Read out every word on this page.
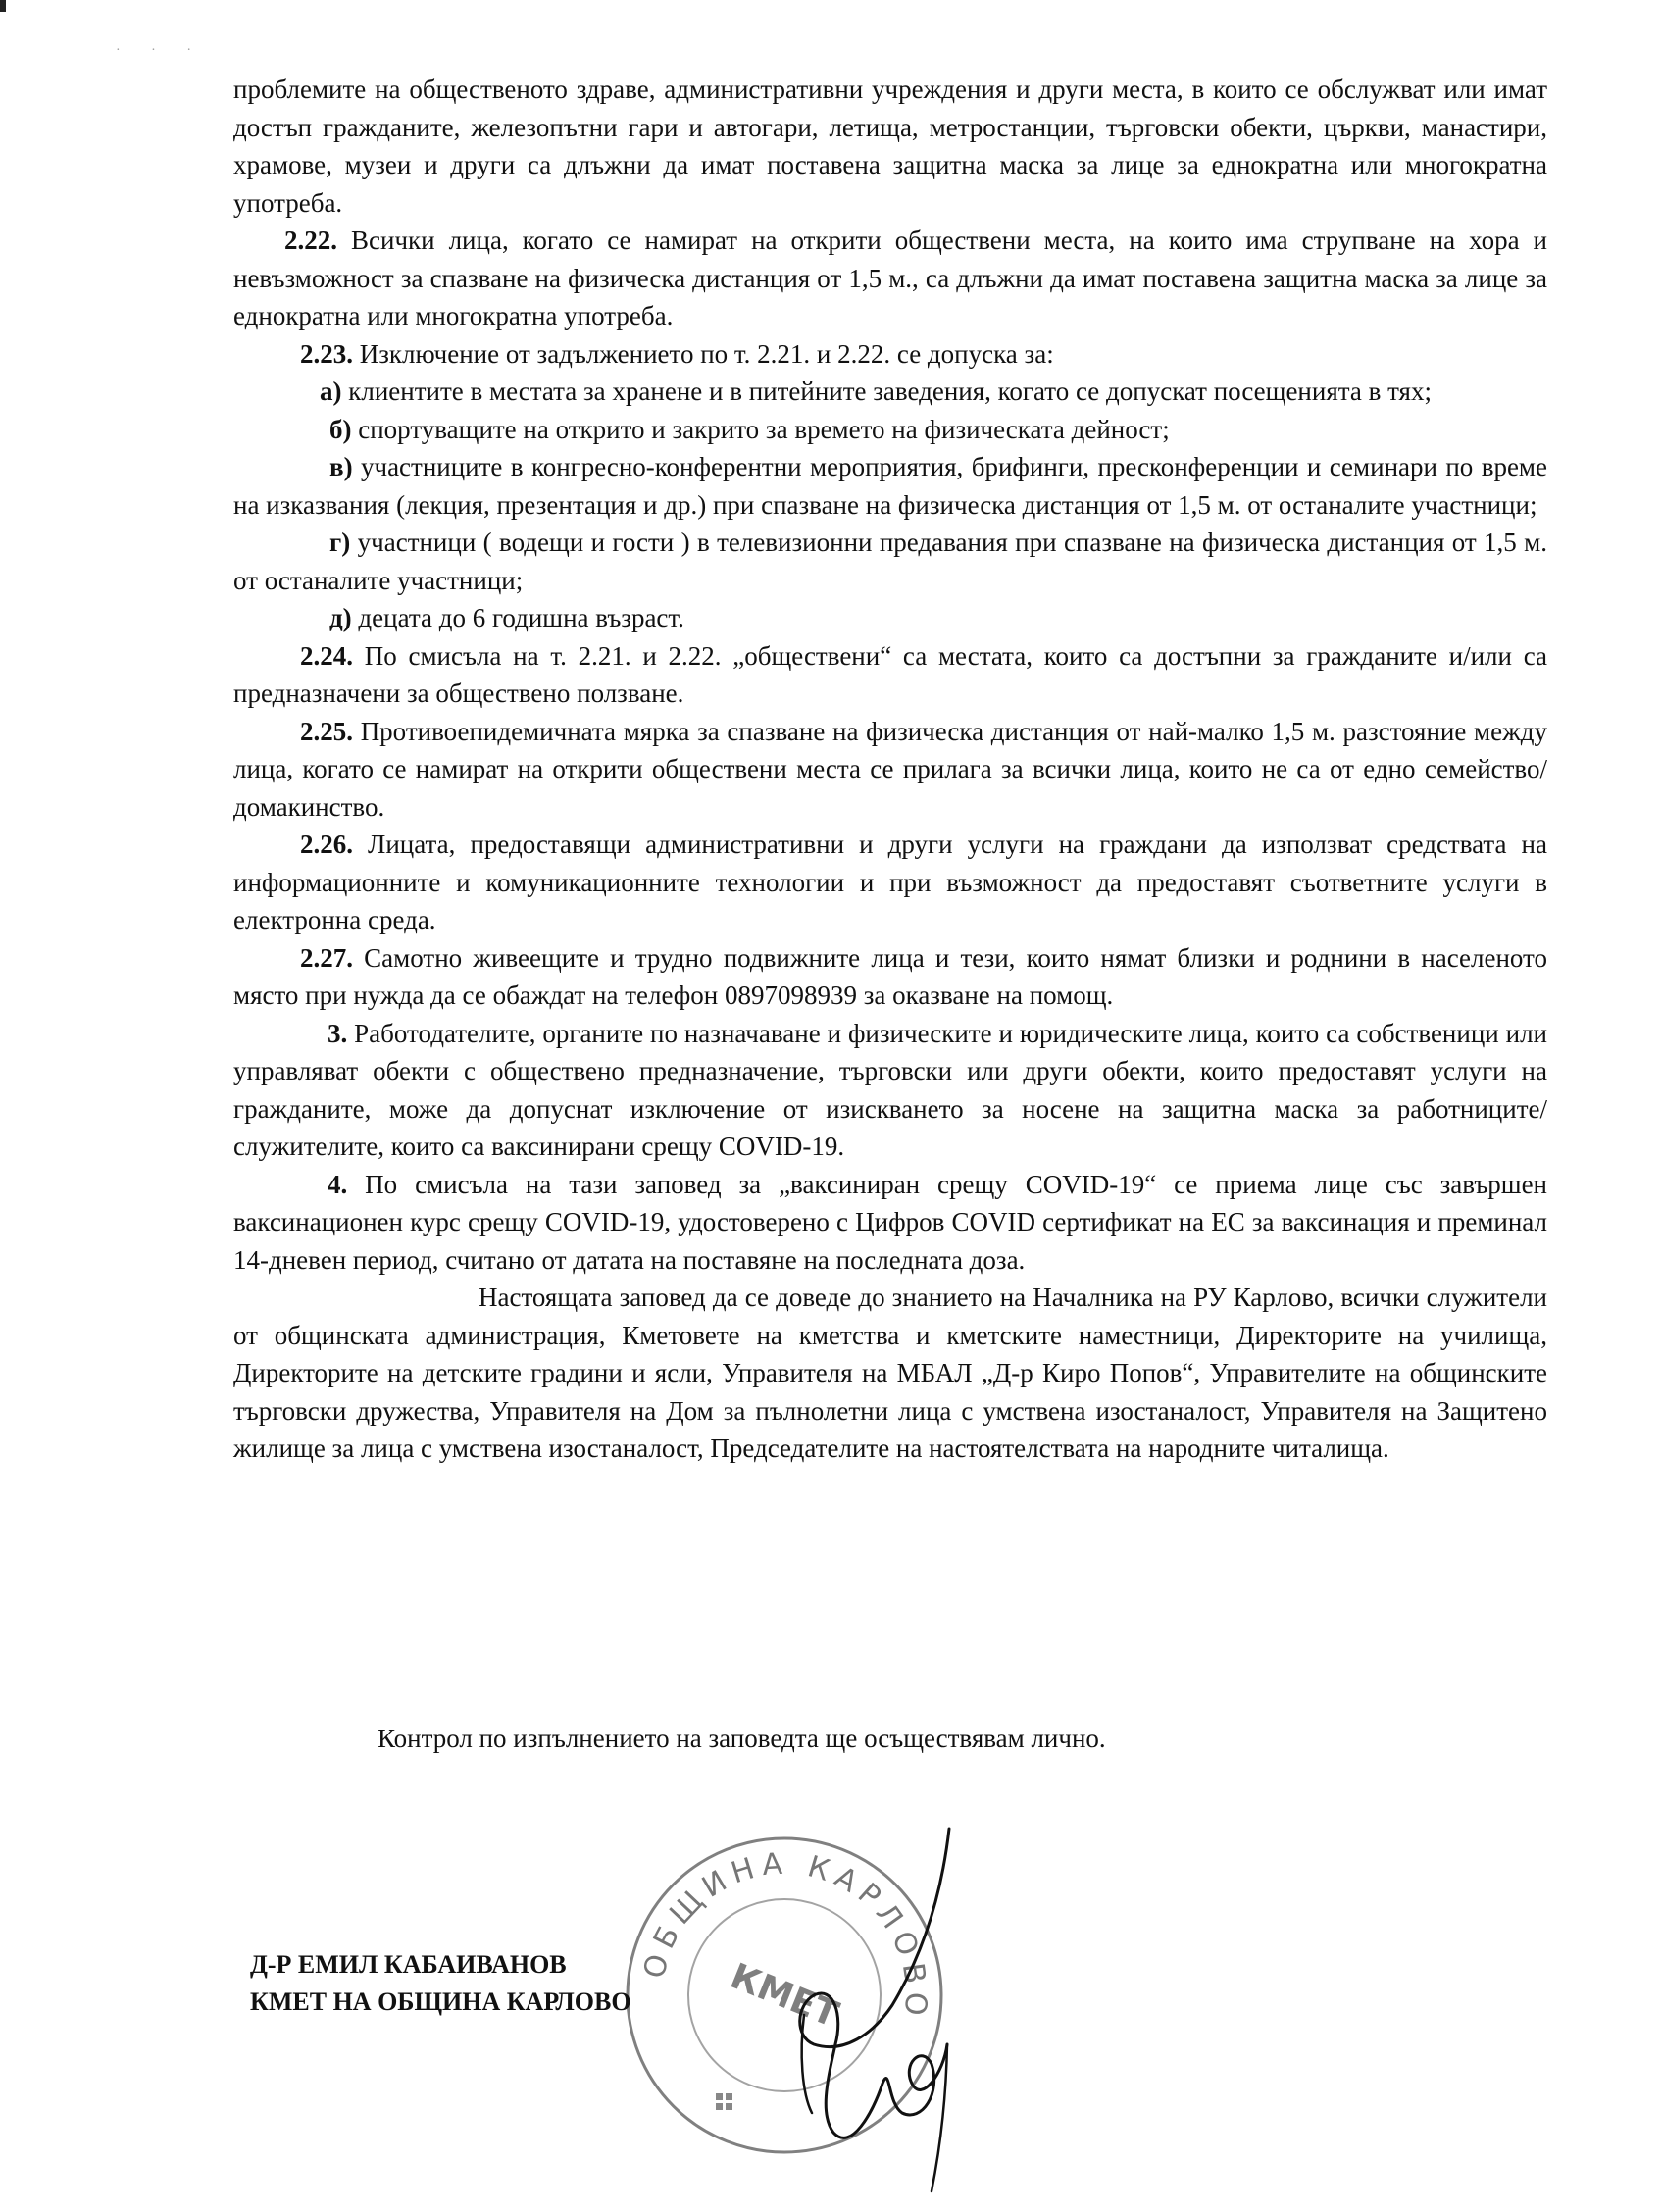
· · ·

проблемите на общественото здраве, административни учреждения и други места, в които се обслужват или имат достъп гражданите, железопътни гари и автогари, летища, метростанции, търговски обекти, църкви, манастири, храмове, музеи и други са длъжни да имат поставена защитна маска за лице за еднократна или многократна употреба.

2.22. Всички лица, когато се намират на открити обществени места, на които има струпване на хора и невъзможност за спазване на физическа дистанция от 1,5 м., са длъжни да имат поставена защитна маска за лице за еднократна или многократна употреба.

2.23. Изключение от задължението по т. 2.21. и 2.22. се допуска за:

а) клиентите в местата за хранене и в питейните заведения, когато се допускат посещенията в тях;

б) спортуващите на открито и закрито за времето на физическата дейност;

в) участниците в конгресно-конферентни мероприятия, брифинги, пресконференции и семинари по време на изказвания (лекция, презентация и др.) при спазване на физическа дистанция от 1,5 м. от останалите участници;

г) участници ( водещи и гости ) в телевизионни предавания при спазване на физическа дистанция от 1,5 м. от останалите участници;

д) децата до 6 годишна възраст.

2.24. По смисъла на т. 2.21. и 2.22. „обществени“ са местата, които са достъпни за гражданите и/или са предназначени за обществено ползване.

2.25. Противоепидемичната мярка за спазване на физическа дистанция от най-малко 1,5 м. разстояние между лица, когато се намират на открити обществени места се прилага за всички лица, които не са от едно семейство/домакинство.

2.26. Лицата, предоставящи административни и други услуги на граждани да използват средствата на информационните и комуникационните технологии и при възможност да предоставят съответните услуги в електронна среда.

2.27. Самотно живеещите и трудно подвижните лица и тези, които нямат близки и роднини в населеното място при нужда да се обаждат на телефон 0897098939 за оказване на помощ.

3. Работодателите, органите по назначаване и физическите и юридическите лица, които са собственици или управляват обекти с обществено предназначение, търговски или други обекти, които предоставят услуги на гражданите, може да допуснат изключение от изискването за носене на защитна маска за работниците/служителите, които са ваксинирани срещу COVID-19.

4. По смисъла на тази заповед за „ваксиниран срещу COVID-19“ се приема лице със завършен ваксинационен курс срещу COVID-19, удостоверено с Цифров COVID сертификат на ЕС за ваксинация и преминал 14-дневен период, считано от датата на поставяне на последната доза.

Настоящата заповед да се доведе до знанието на Началника на РУ Карлово, всички служители от общинската администрация, Кметовете на кметства и кметските наместници, Директорите на училища, Директорите на детските градини и ясли, Управителя на МБАЛ „Д-р Киро Попов“, Управителите на общинските търговски дружества, Управителя на Дом за пълнолетни лица с умствена изостаналост, Управителя на Защитено жилище за лица с умствена изостаналост, Председателите на настоятелствата на народните читалища.

Контрол по изпълнението на заповедта ще осъществявам лично.
ОБЩИНА КАРЛОВО
КМЕТ
Д-Р ЕМИЛ КАБАИВАНОВ
КМЕТ НА ОБЩИНА КАРЛОВО
